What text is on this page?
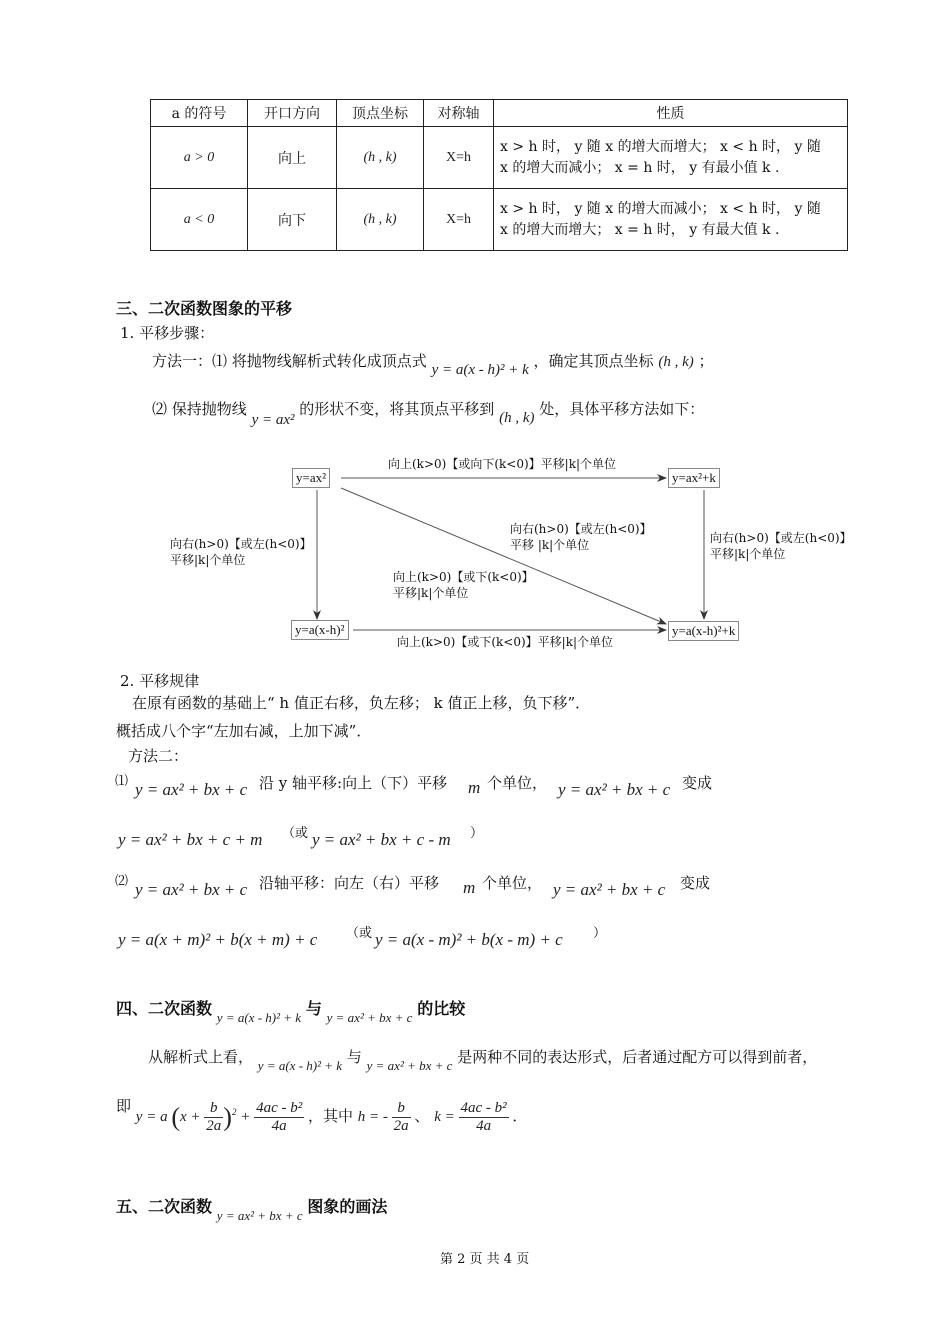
a 的符号	开口方向	顶点坐标	对称轴	性质
a > 0	向上	(h , k)	X=h	x > h 时， y 随 x 的增大而增大； x < h 时， y 随
x 的增大而减小； x = h 时， y 有最小值 k .

a < 0	向下	(h , k)	X=h	x > h 时， y 随 x 的增大而减小； x < h 时， y 随
x 的增大而增大； x = h 时， y 有最大值 k .
三、二次函数图象的平移
1. 平移步骤：
方法一：⑴ 将抛物线解析式转化成顶点式 y = a(x - h)² + k ，确定其顶点坐标 (h , k) ；
⑵ 保持抛物线 y = ax² 的形状不变，将其顶点平移到 (h , k) 处，具体平移方法如下：
y=ax²	y=ax²+k
y=a(x-h)²	y=a(x-h)²+k
向上(k>0)【或向下(k<0)】平移|k|个单位
向右(h>0)【或左(h<0)】
平移|k|个单位
向右(h>0)【或左(h<0)】
平移|k|个单位
向右(h>0)【或左(h<0)】
平移 |k|个单位
向上(k>0)【或下(k<0)】
平移|k|个单位
向上(k>0)【或下(k<0)】平移|k|个单位
2. 平移规律
在原有函数的基础上“ h 值正右移，负左移； k 值正上移，负下移”．
概括成八个字“左加右减，上加下减”．
方法二：
⑴ y = ax² + bx + c 沿 y 轴平移:向上（下）平移 m 个单位， y = ax² + bx + c 变成
y = ax² + bx + c + m （或 y = ax² + bx + c - m ）
⑵ y = ax² + bx + c 沿轴平移：向左（右）平移 m 个单位， y = ax² + bx + c 变成
y = a(x + m)² + b(x + m) + c （或 y = a(x - m)² + b(x - m) + c ）
四、二次函数 y = a(x - h)² + k 与 y = ax² + bx + c 的比较
从解析式上看， y = a(x - h)² + k 与 y = ax² + bx + c 是两种不同的表达形式，后者通过配方可以得到前者，
即 y = a $(x + \frac{b}{2a} )^2 + \frac{\text{4ac - b²}}{4a}$ ，其中 h = - $\frac{b}{2a}$ 、 $k = \frac{\text{4ac - b²}}{4a}$ ．
五、二次函数 y = ax² + bx + c 图象的画法
第 2 页 共 4 页
